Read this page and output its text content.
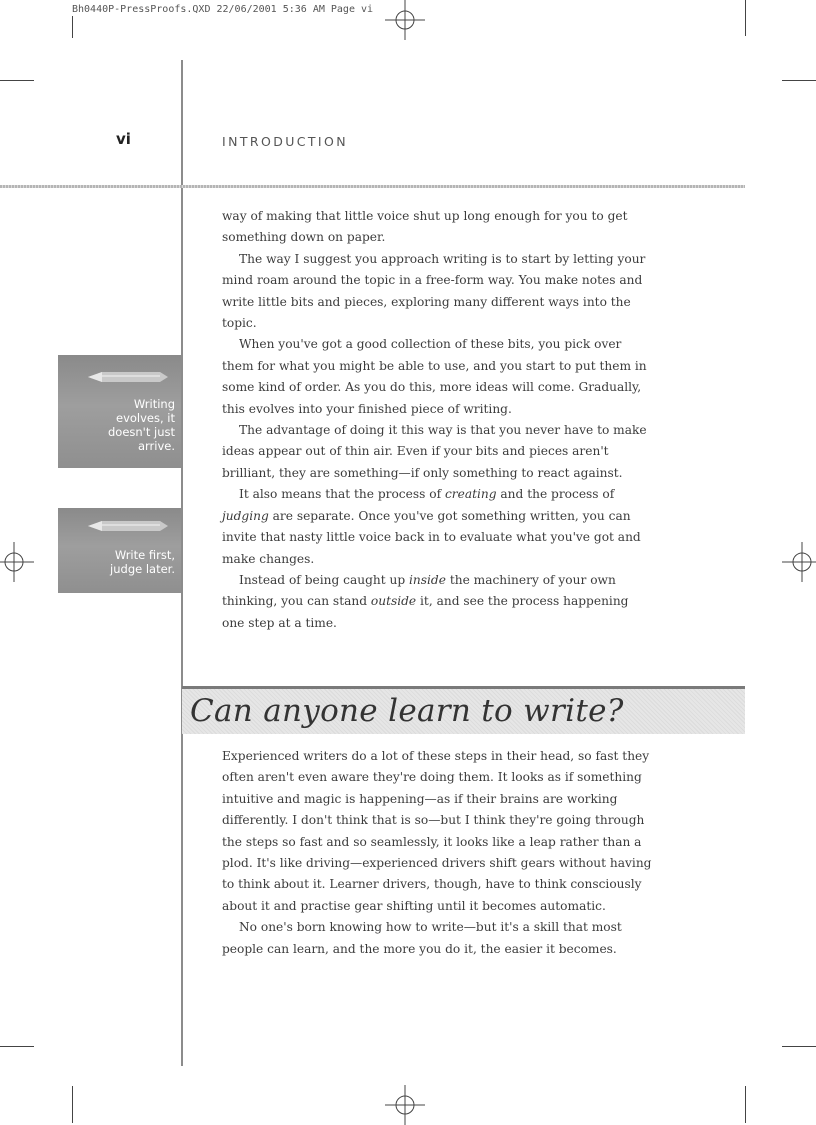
Bh0440P-PressProofs.QXD 22/06/2001 5:36 AM Page vi
vi	INTRODUCTION
Writing
evolves, it
doesn't just
arrive.
Write first,
judge later.

way of making that little voice shut up long enough for you to get something down on paper.

The way I suggest you approach writing is to start by letting your mind roam around the topic in a free-form way. You make notes and write little bits and pieces, exploring many different ways into the topic.

When you've got a good collection of these bits, you pick over them for what you might be able to use, and you start to put them in some kind of order. As you do this, more ideas will come. Gradually, this evolves into your finished piece of writing.

The advantage of doing it this way is that you never have to make ideas appear out of thin air. Even if your bits and pieces aren't brilliant, they are something—if only something to react against.

It also means that the process of creating and the process of judging are separate. Once you've got something written, you can invite that nasty little voice back in to evaluate what you've got and make changes.

Instead of being caught up inside the machinery of your own thinking, you can stand outside it, and see the process happening one step at a time.

Can anyone learn to write?

Experienced writers do a lot of these steps in their head, so fast they often aren't even aware they're doing them. It looks as if something intuitive and magic is happening—as if their brains are working differently. I don't think that is so—but I think they're going through the steps so fast and so seamlessly, it looks like a leap rather than a plod. It's like driving—experienced drivers shift gears without having to think about it. Learner drivers, though, have to think consciously about it and practise gear shifting until it becomes automatic.

No one's born knowing how to write—but it's a skill that most people can learn, and the more you do it, the easier it becomes.
